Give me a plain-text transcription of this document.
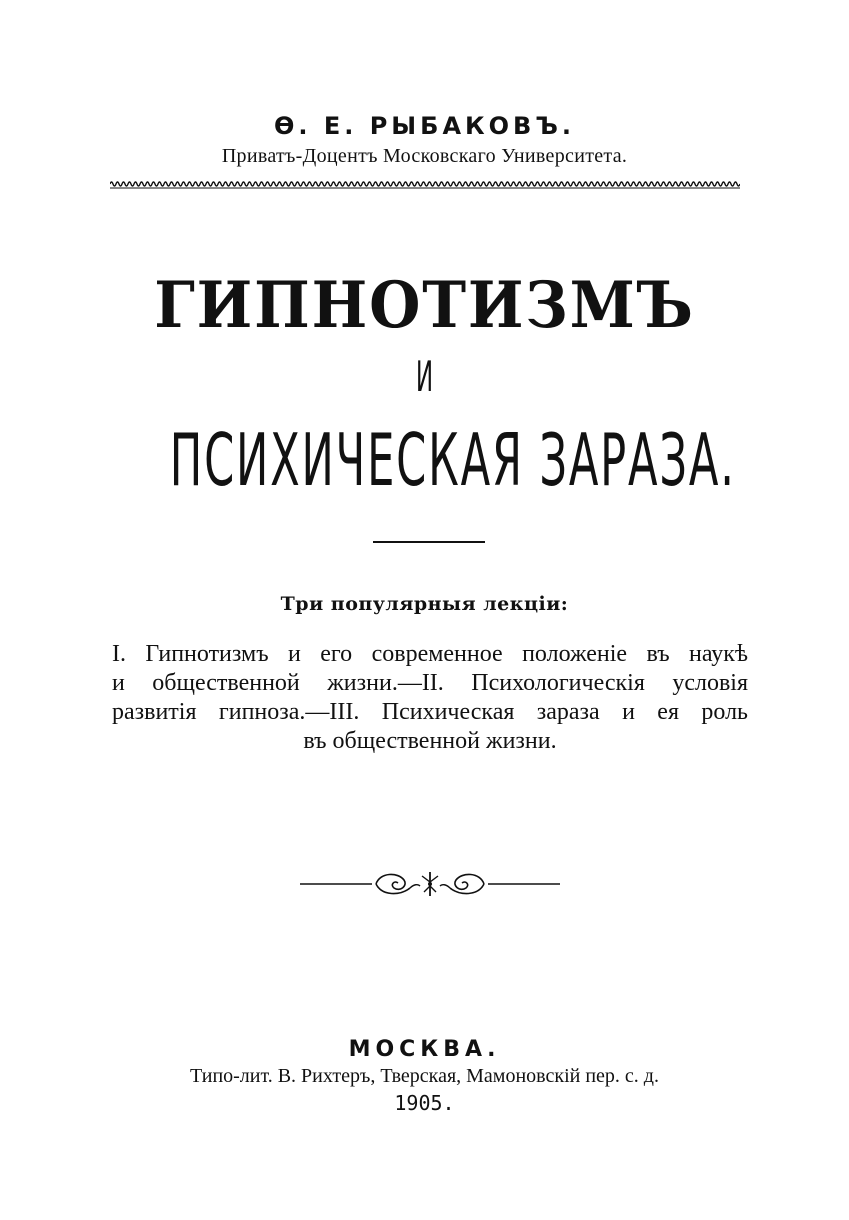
Ѳ. Е. РЫБАКОВЪ.
Приватъ-Доцентъ Московскаго Университета.
ГИПНОТИЗМЪ
И
ПСИХИЧЕСКАЯ ЗАРАЗА.
Три популярныя лекціи:
I. Гипнотизмъ и его современное положеніе въ наукѣ
и общественной жизни.—II. Психологическія условія
развитія гипноза.—III. Психическая зараза и ея роль
въ общественной жизни.
МОСКВА.
Типо-лит. В. Рихтеръ, Тверская, Мамоновскій пер. с. д.
1905.
